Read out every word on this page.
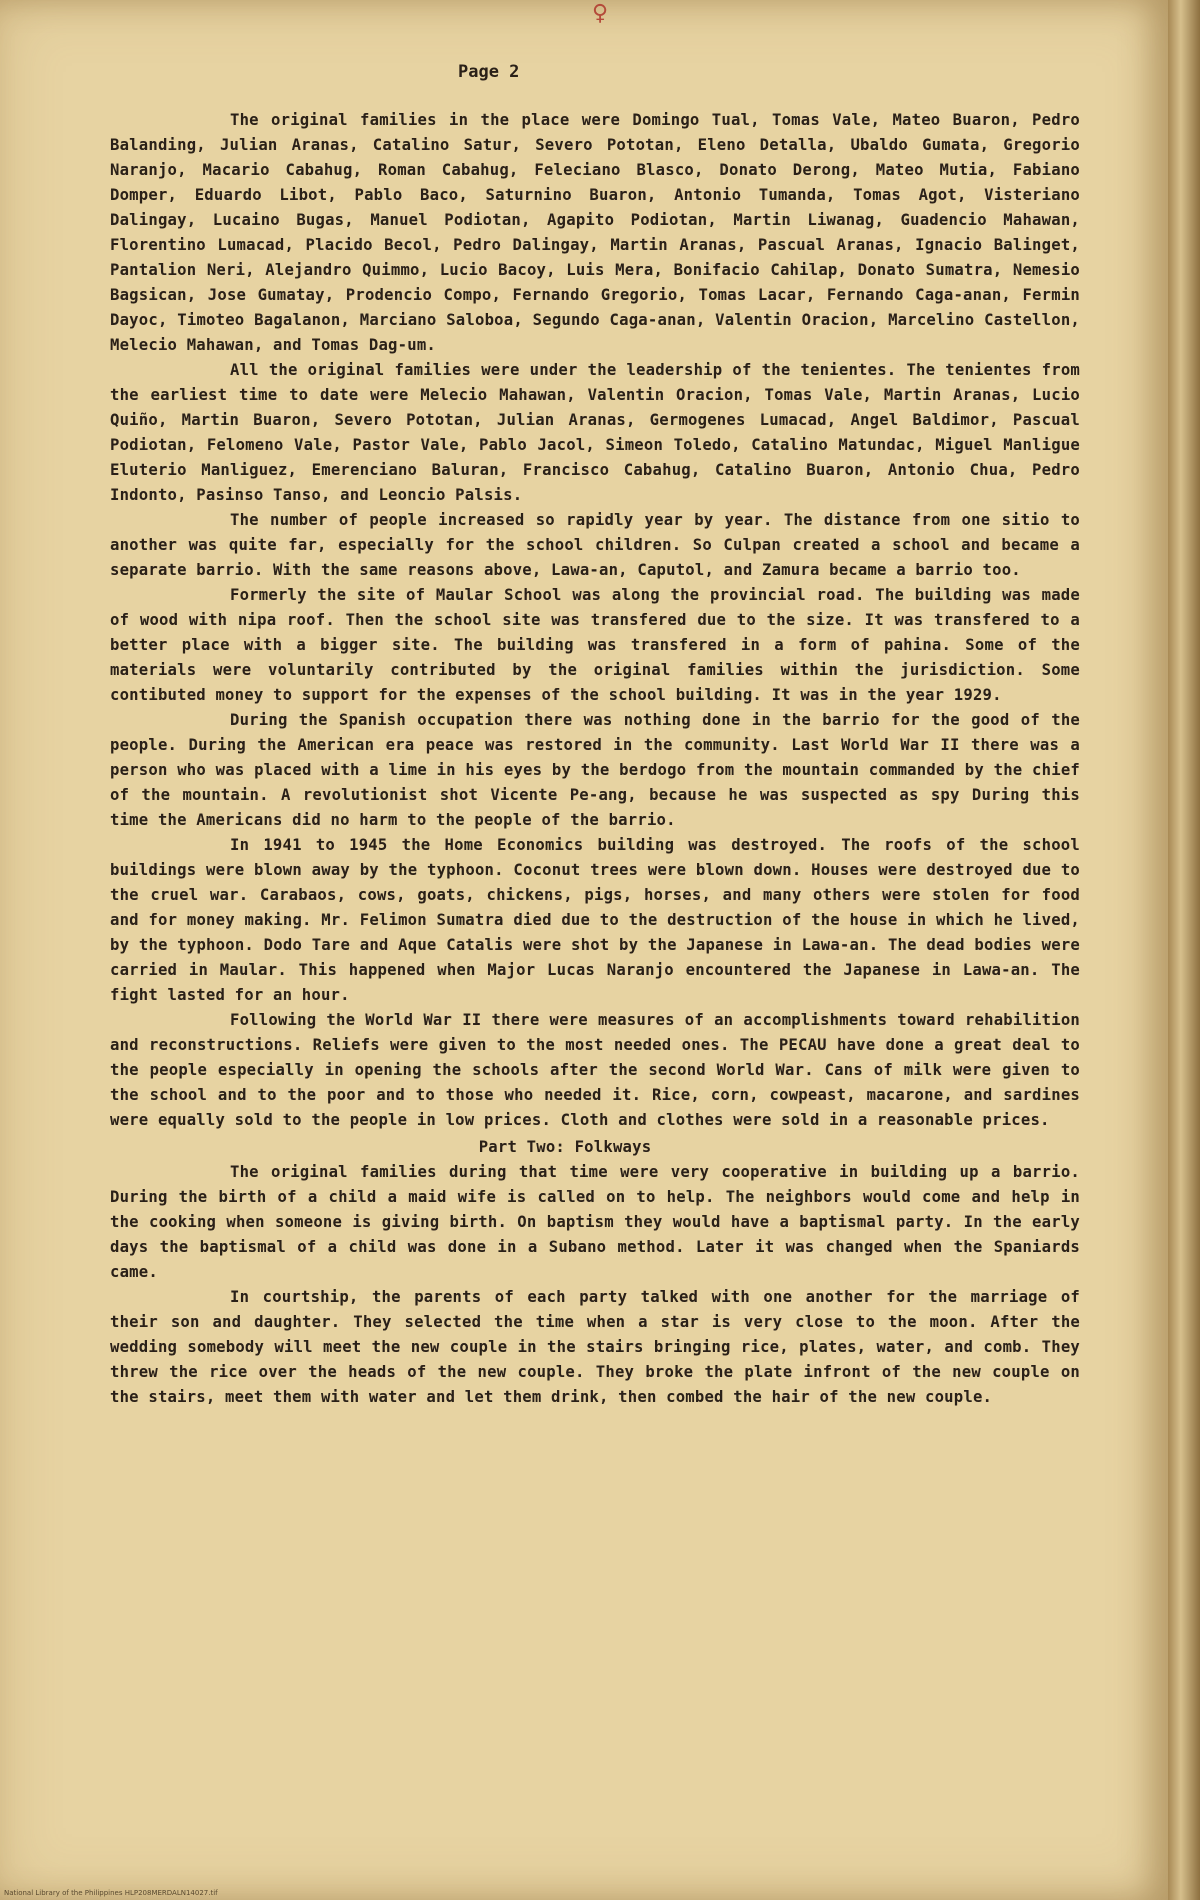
♀
Page 2

The original families in the place were Domingo Tual, Tomas Vale, Mateo Buaron, Pedro Balanding, Julian Aranas, Catalino Satur, Severo Pototan, Eleno Detalla, Ubaldo Gumata, Gregorio Naranjo, Macario Cabahug, Roman Cabahug, Feleciano Blasco, Donato Derong, Mateo Mutia, Fabiano Domper, Eduardo Libot, Pablo Baco, Saturnino Buaron, Antonio Tumanda, Tomas Agot, Visteriano Dalingay, Lucaino Bugas, Manuel Podiotan, Agapito Podiotan, Martin Liwanag, Guadencio Mahawan, Florentino Lumacad, Placido Becol, Pedro Dalingay, Martin Aranas, Pascual Aranas, Ignacio Balinget, Pantalion Neri, Alejandro Quimmo, Lucio Bacoy, Luis Mera, Bonifacio Cahilap, Donato Sumatra, Nemesio Bagsican, Jose Gumatay, Prodencio Compo, Fernando Gregorio, Tomas Lacar, Fernando Caga-anan, Fermin Dayoc, Timoteo Bagalanon, Marciano Saloboa, Segundo Caga-anan, Valentin Oracion, Marcelino Castellon, Melecio Mahawan, and Tomas Dag-um.

All the original families were under the leadership of the tenientes. The tenientes from the earliest time to date were Melecio Mahawan, Valentin Oracion, Tomas Vale, Martin Aranas, Lucio Quiño, Martin Buaron, Severo Pototan, Julian Aranas, Germogenes Lumacad, Angel Baldimor, Pascual Podiotan, Felomeno Vale, Pastor Vale, Pablo Jacol, Simeon Toledo, Catalino Matundac, Miguel Manligue Eluterio Manliguez, Emerenciano Baluran, Francisco Cabahug, Catalino Buaron, Antonio Chua, Pedro Indonto, Pasinso Tanso, and Leoncio Palsis.

The number of people increased so rapidly year by year. The distance from one sitio to another was quite far, especially for the school children. So Culpan created a school and became a separate barrio. With the same reasons above, Lawa-an, Caputol, and Zamura became a barrio too.

Formerly the site of Maular School was along the provincial road. The building was made of wood with nipa roof. Then the school site was transfered due to the size. It was transfered to a better place with a bigger site. The building was transfered in a form of pahina. Some of the materials were voluntarily contributed by the original families within the jurisdiction. Some contibuted money to support for the expenses of the school building. It was in the year 1929.

During the Spanish occupation there was nothing done in the barrio for the good of the people. During the American era peace was restored in the community. Last World War II there was a person who was placed with a lime in his eyes by the berdogo from the mountain commanded by the chief of the mountain. A revolutionist shot Vicente Pe-ang, because he was suspected as spy During this time the Americans did no harm to the people of the barrio.

In 1941 to 1945 the Home Economics building was destroyed. The roofs of the school buildings were blown away by the typhoon. Coconut trees were blown down. Houses were destroyed due to the cruel war. Carabaos, cows, goats, chickens, pigs, horses, and many others were stolen for food and for money making. Mr. Felimon Sumatra died due to the destruction of the house in which he lived, by the typhoon. Dodo Tare and Aque Catalis were shot by the Japanese in Lawa-an. The dead bodies were carried in Maular. This happened when Major Lucas Naranjo encountered the Japanese in Lawa-an. The fight lasted for an hour.

Following the World War II there were measures of an accomplishments toward rehabilition and reconstructions. Reliefs were given to the most needed ones. The PECAU have done a great deal to the people especially in opening the schools after the second World War. Cans of milk were given to the school and to the poor and to those who needed it. Rice, corn, cowpeast, macarone, and sardines were equally sold to the people in low prices. Cloth and clothes were sold in a reasonable prices.

Part Two: Folkways

The original families during that time were very cooperative in building up a barrio. During the birth of a child a maid wife is called on to help. The neighbors would come and help in the cooking when someone is giving birth. On baptism they would have a baptismal party. In the early days the baptismal of a child was done in a Subano method. Later it was changed when the Spaniards came.

In courtship, the parents of each party talked with one another for the marriage of their son and daughter. They selected the time when a star is very close to the moon. After the wedding somebody will meet the new couple in the stairs bringing rice, plates, water, and comb. They threw the rice over the heads of the new couple. They broke the plate infront of the new couple on the stairs, meet them with water and let them drink, then combed the hair of the new couple.

National Library of the Philippines HLP208MERDALN14027.tif
